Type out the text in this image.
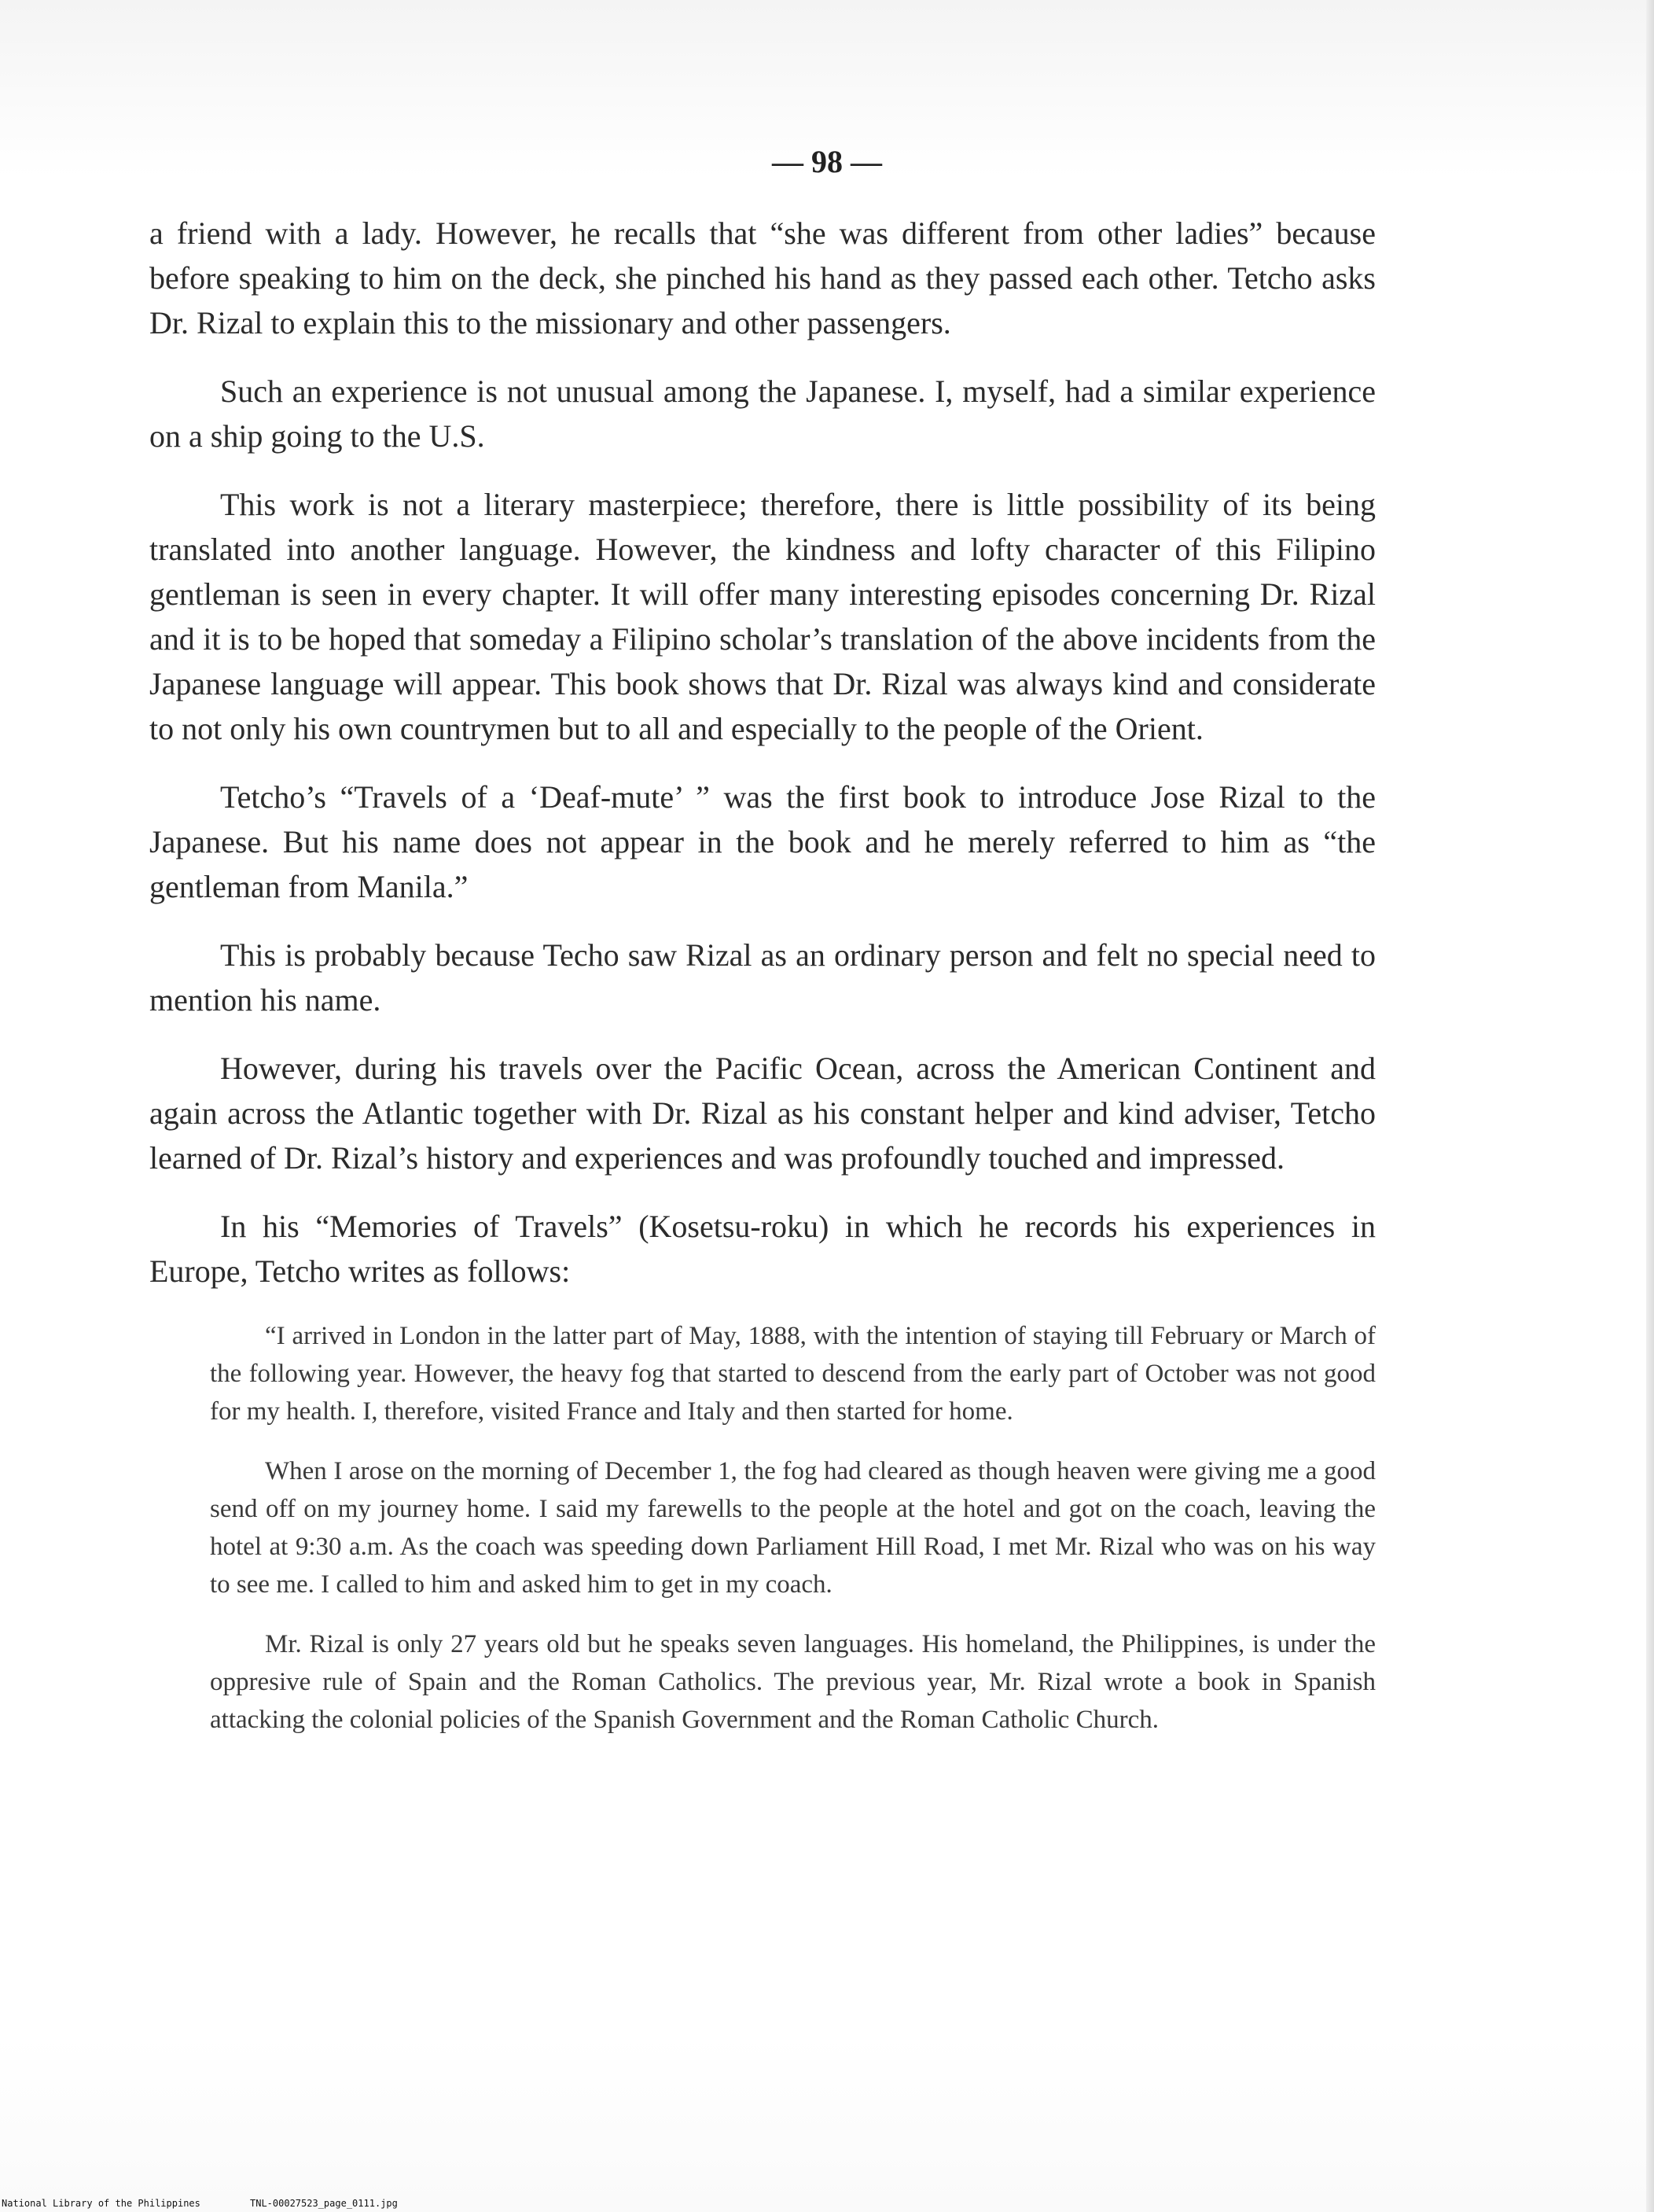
— 98 —

a friend with a lady. However, he recalls that “she was different from other ladies” because before speaking to him on the deck, she pinched his hand as they passed each other. Tetcho asks Dr. Rizal to explain this to the missionary and other passengers.

Such an experience is not unusual among the Japanese. I, myself, had a similar experience on a ship going to the U.S.

This work is not a literary masterpiece; therefore, there is little possibility of its being translated into another language. However, the kindness and lofty character of this Filipino gentleman is seen in every chapter. It will offer many interesting episodes concerning Dr. Rizal and it is to be hoped that someday a Filipino scholar’s translation of the above incidents from the Japanese language will appear. This book shows that Dr. Rizal was always kind and considerate to not only his own countrymen but to all and especially to the people of the Orient.

Tetcho’s “Travels of a ‘Deaf-mute’ ” was the first book to introduce Jose Rizal to the Japanese. But his name does not appear in the book and he merely referred to him as “the gentleman from Manila.”

This is probably because Techo saw Rizal as an ordinary person and felt no special need to mention his name.

However, during his travels over the Pacific Ocean, across the American Continent and again across the Atlantic together with Dr. Rizal as his constant helper and kind adviser, Tetcho learned of Dr. Rizal’s history and experiences and was profoundly touched and impressed.

In his “Memories of Travels” (Kosetsu-roku) in which he records his experiences in Europe, Tetcho writes as follows:

“I arrived in London in the latter part of May, 1888, with the intention of staying till February or March of the following year. However, the heavy fog that started to descend from the early part of October was not good for my health. I, therefore, visited France and Italy and then started for home.

When I arose on the morning of December 1, the fog had cleared as though heaven were giving me a good send off on my journey home. I said my farewells to the people at the hotel and got on the coach, leaving the hotel at 9:30 a.m. As the coach was speeding down Parliament Hill Road, I met Mr. Rizal who was on his way to see me. I called to him and asked him to get in my coach.

Mr. Rizal is only 27 years old but he speaks seven languages. His homeland, the Philippines, is under the oppresive rule of Spain and the Roman Catholics. The previous year, Mr. Rizal wrote a book in Spanish attacking the colonial policies of the Spanish Government and the Roman Catholic Church.

National Library of the Philippines	TNL-00027523_page_0111.jpg
